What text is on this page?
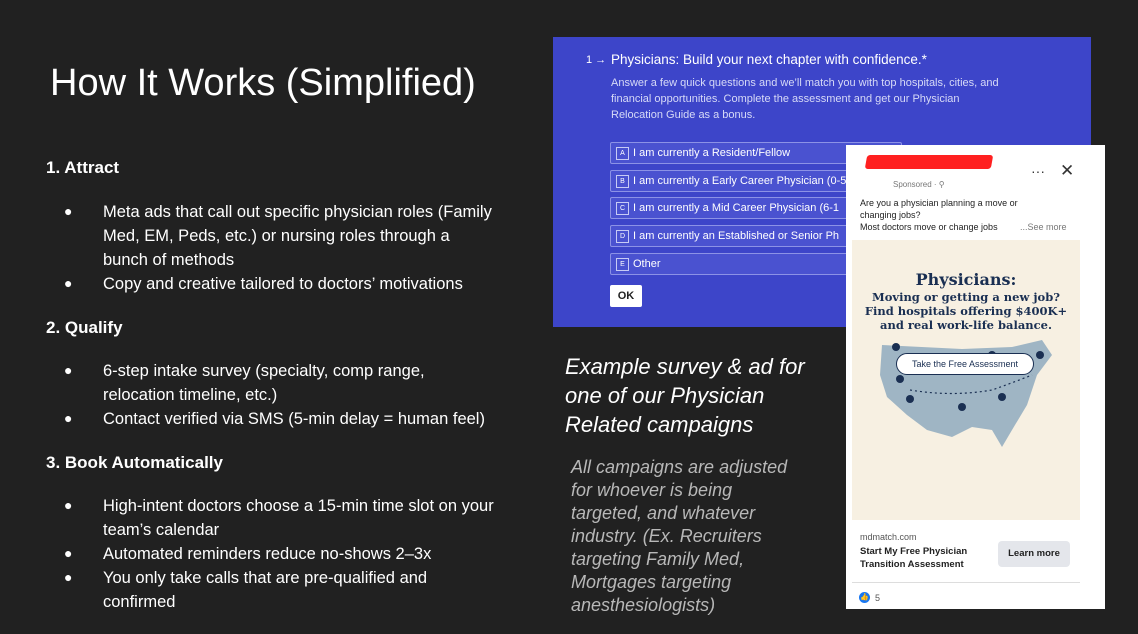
How It Works (Simplified)
1. Attract
● Meta ads that call out specific physician roles (Family
Med, EM, Peds, etc.) or nursing roles through a
bunch of methods
● Copy and creative tailored to doctors’ motivations
2. Qualify
● 6-step intake survey (specialty, comp range,
relocation timeline, etc.)
● Contact verified via SMS (5-min delay = human feel)
3. Book Automatically
● High-intent doctors choose a 15-min time slot on your
team’s calendar
● Automated reminders reduce no-shows 2–3x
● You only take calls that are pre-qualified and
confirmed
1 → Physicians: Build your next chapter with confidence.*
Answer a few quick questions and we’ll match you with top hospitals, cities, and
financial opportunities. Complete the assessment and get our Physician
Relocation Guide as a bonus.
A I am currently a Resident/Fellow
B I am currently a Early Career Physician (0-5
C I am currently a Mid Career Physician (6-1
D I am currently an Established or Senior Ph
E Other
OK
Example survey & ad for
one of our Physician
Related campaigns
All campaigns are adjusted
for whoever is being
targeted, and whatever
industry. (Ex. Recruiters
targeting Family Med,
Mortgages targeting
anesthesiologists)
Sponsored · ⚲
··· ✕
Are you a physician planning a move or
changing jobs?
Most doctors move or change jobs	...See more
Physicians:
Moving or getting a new job?
Find hospitals offering $400K+
and real work-life balance.
Take the Free Assessment
mdmatch.com
Start My Free Physician
Transition Assessment
Learn more
👍 5
